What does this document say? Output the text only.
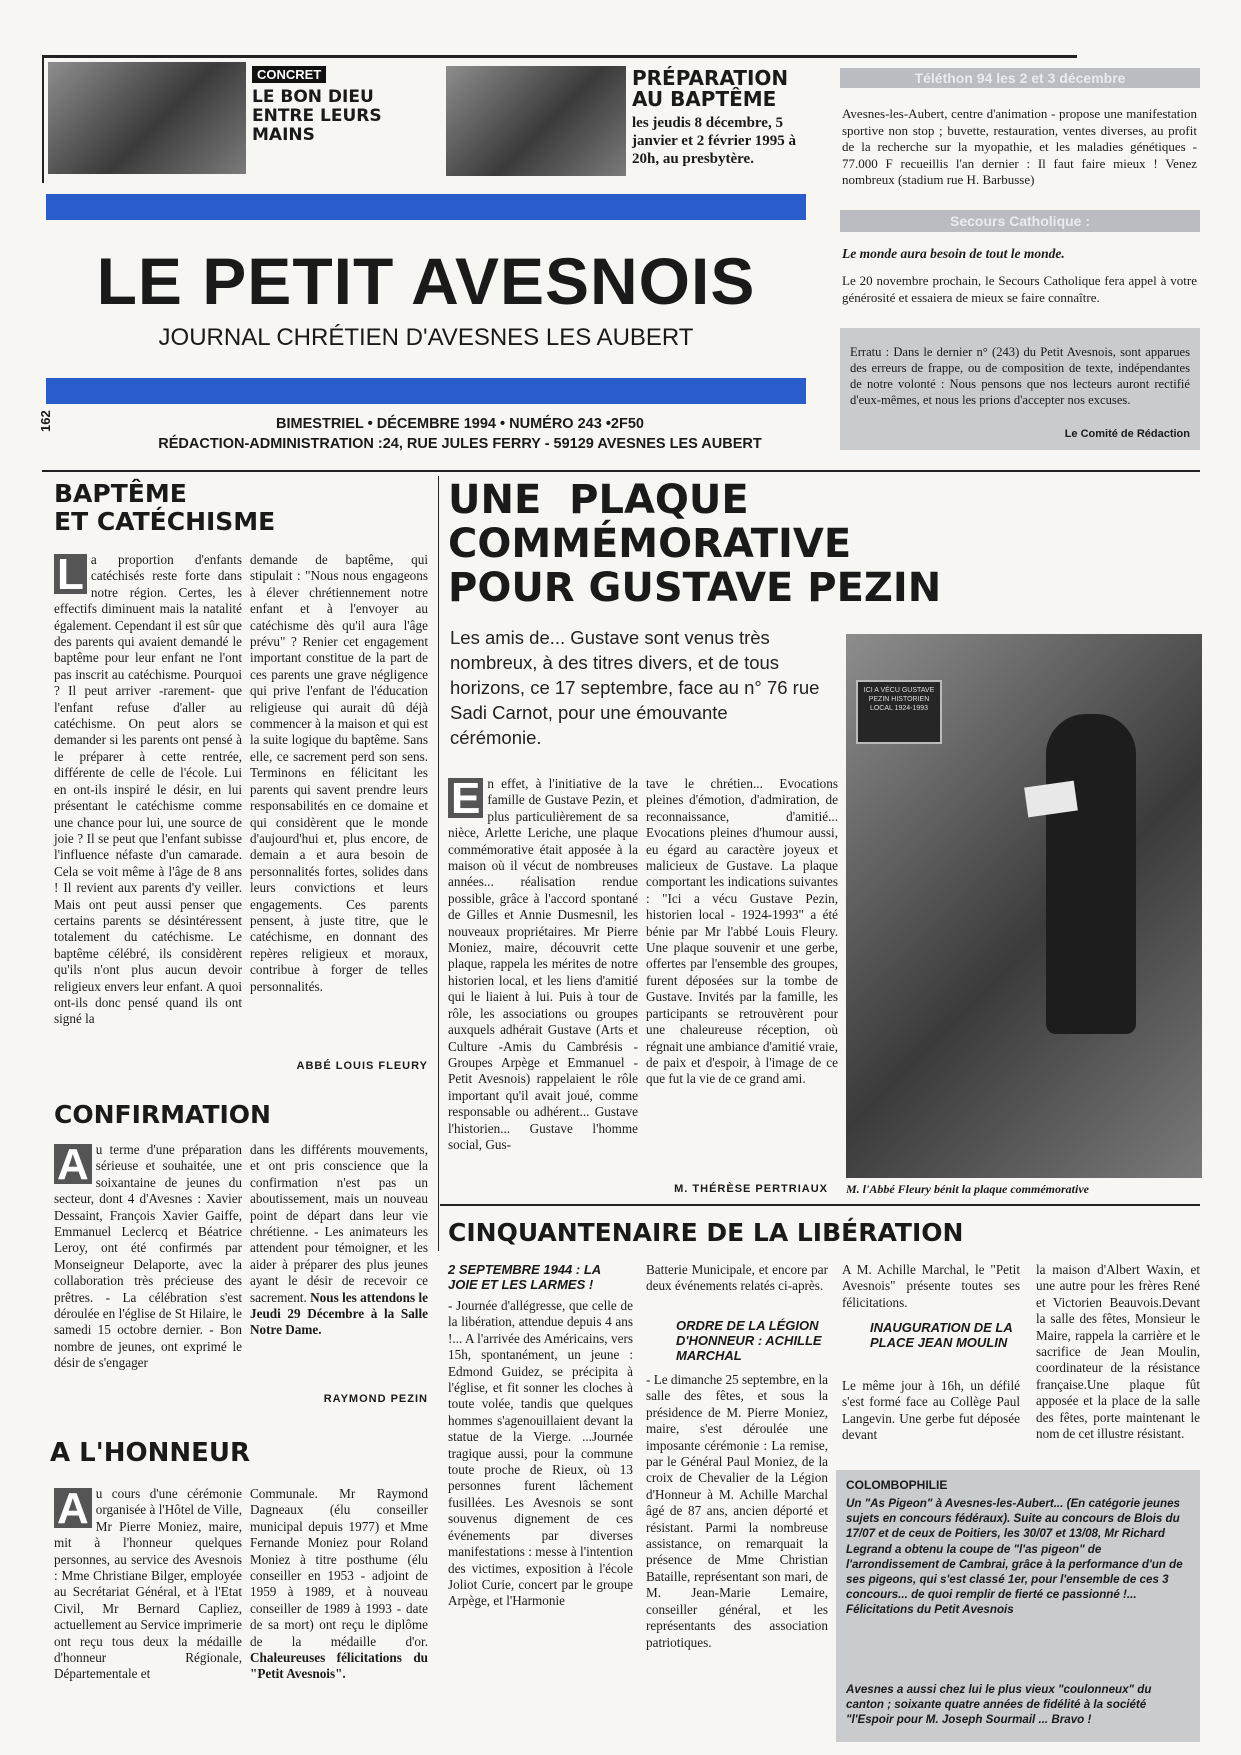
CONCRET
LE BON DIEU ENTRE LEURS MAINS
PRÉPARATION AU BAPTÊME
les jeudis 8 décembre, 5 janvier et 2 février 1995 à 20h, au presbytère.
Téléthon 94 les 2 et 3 décembre
Avesnes-les-Aubert, centre d'animation - propose une manifestation sportive non stop ; buvette, restauration, ventes diverses, au profit de la recherche sur la myopathie, et les maladies génétiques - 77.000 F recueillis l'an dernier : Il faut faire mieux ! Venez nombreux (stadium rue H. Barbusse)
Secours Catholique :
Le monde aura besoin de tout le monde.
Le 20 novembre prochain, le Secours Catholique fera appel à votre générosité et essaiera de mieux se faire connaître.
LE PETIT AVESNOIS
JOURNAL CHRÉTIEN D'AVESNES LES AUBERT
BIMESTRIEL • DÉCEMBRE 1994 • NUMÉRO 243 •2F50
RÉDACTION-ADMINISTRATION :24, RUE JULES FERRY - 59129 AVESNES LES AUBERT
162
Erratu : Dans le dernier n° (243) du Petit Avesnois, sont apparues des erreurs de frappe, ou de composition de texte, indépendantes de notre volonté : Nous pensons que nos lecteurs auront rectifié d'eux-mêmes, et nous les prions d'accepter nos excuses.
Le Comité de Rédaction
BAPTÊME
ET CATÉCHISME
L a proportion d'enfants catéchisés reste forte dans notre région. Certes, les effectifs diminuent mais la natalité également. Cependant il est sûr que des parents qui avaient demandé le baptême pour leur enfant ne l'ont pas inscrit au catéchisme. Pourquoi ? Il peut arriver -rarement- que l'enfant refuse d'aller au catéchisme. On peut alors se demander si les parents ont pensé à le préparer à cette rentrée, différente de celle de l'école. Lui en ont-ils inspiré le désir, en lui présentant le catéchisme comme une chance pour lui, une source de joie ? Il se peut que l'enfant subisse l'influence néfaste d'un camarade. Cela se voit même à l'âge de 8 ans ! Il revient aux parents d'y veiller. Mais ont peut aussi penser que certains parents se désintéressent totalement du catéchisme. Le baptême célébré, ils considèrent qu'ils n'ont plus aucun devoir religieux envers leur enfant. A quoi ont-ils donc pensé quand ils ont signé la
demande de baptême, qui stipulait : "Nous nous engageons à élever chrétiennement notre enfant et à l'envoyer au catéchisme dès qu'il aura l'âge prévu" ? Renier cet engagement important constitue de la part de ces parents une grave négligence qui prive l'enfant de l'éducation religieuse qui aurait dû déjà commencer à la maison et qui est la suite logique du baptême. Sans elle, ce sacrement perd son sens. Terminons en félicitant les parents qui savent prendre leurs responsabilités en ce domaine et qui considèrent que le monde d'aujourd'hui et, plus encore, de demain a et aura besoin de personnalités fortes, solides dans leurs convictions et leurs engagements. Ces parents pensent, à juste titre, que le catéchisme, en donnant des repères religieux et moraux, contribue à forger de telles personnalités.
ABBÉ LOUIS FLEURY
CONFIRMATION
A u terme d'une préparation sérieuse et souhaitée, une soixantaine de jeunes du secteur, dont 4 d'Avesnes : Xavier Dessaint, François Xavier Gaiffe, Emmanuel Leclercq et Béatrice Leroy, ont été confirmés par Monseigneur Delaporte, avec la collaboration très précieuse des prêtres. - La célébration s'est déroulée en l'église de St Hilaire, le samedi 15 octobre dernier. - Bon nombre de jeunes, ont exprimé le désir de s'engager
dans les différents mouvements, et ont pris conscience que la confirmation n'est pas un aboutissement, mais un nouveau point de départ dans leur vie chrétienne. - Les animateurs les attendent pour témoigner, et les aider à préparer des plus jeunes ayant le désir de recevoir ce sacrement. Nous les attendons le Jeudi 29 Décembre à la Salle Notre Dame.
RAYMOND PEZIN
A L'HONNEUR
A u cours d'une cérémonie organisée à l'Hôtel de Ville, Mr Pierre Moniez, maire, mit à l'honneur quelques personnes, au service des Avesnois : Mme Christiane Bilger, employée au Secrétariat Général, et à l'Etat Civil, Mr Bernard Capliez, actuellement au Service imprimerie ont reçu tous deux la médaille d'honneur Régionale, Départementale et
Communale. Mr Raymond Dagneaux (élu conseiller municipal depuis 1977) et Mme Fernande Moniez pour Roland Moniez à titre posthume (élu conseiller en 1953 - adjoint de 1959 à 1989, et à nouveau conseiller de 1989 à 1993 - date de sa mort) ont reçu le diplôme de la médaille d'or. Chaleureuses félicitations du "Petit Avesnois".
UNE  PLAQUE
COMMÉMORATIVE
POUR GUSTAVE PEZIN
Les amis de... Gustave sont venus très nombreux, à des titres divers, et de tous horizons, ce 17 septembre, face au n° 76 rue Sadi Carnot, pour une émouvante cérémonie.
ICI A VÉCU GUSTAVE PEZIN HISTORIEN LOCAL 1924-1993
M. l'Abbé Fleury bénit la plaque commémorative
E n effet, à l'initiative de la famille de Gustave Pezin, et plus particulièrement de sa nièce, Arlette Leriche, une plaque commémorative était apposée à la maison où il vécut de nombreuses années... réalisation rendue possible, grâce à l'accord spontané de Gilles et Annie Dusmesnil, les nouveaux propriétaires. Mr Pierre Moniez, maire, découvrit cette plaque, rappela les mérites de notre historien local, et les liens d'amitié qui le liaient à lui. Puis à tour de rôle, les associations ou groupes auxquels adhérait Gustave (Arts et Culture -Amis du Cambrésis - Groupes Arpège et Emmanuel - Petit Avesnois) rappelaient le rôle important qu'il avait joué, comme responsable ou adhérent... Gustave l'historien... Gustave l'homme social, Gus-
tave le chrétien... Evocations pleines d'émotion, d'admiration, de reconnaissance, d'amitié... Evocations pleines d'humour aussi, eu égard au caractère joyeux et malicieux de Gustave. La plaque comportant les indications suivantes : "Ici a vécu Gustave Pezin, historien local - 1924-1993" a été bénie par Mr l'abbé Louis Fleury. Une plaque souvenir et une gerbe, offertes par l'ensemble des groupes, furent déposées sur la tombe de Gustave. Invités par la famille, les participants se retrouvèrent pour une chaleureuse réception, où régnait une ambiance d'amitié vraie, de paix et d'espoir, à l'image de ce que fut la vie de ce grand ami.
M. THÉRÈSE PERTRIAUX
CINQUANTENAIRE DE LA LIBÉRATION
2 SEPTEMBRE 1944 : LA JOIE ET LES LARMES !
- Journée d'allégresse, que celle de la libération, attendue depuis 4 ans !... A l'arrivée des Américains, vers 15h, spontanément, un jeune : Edmond Guidez, se précipita à l'église, et fit sonner les cloches à toute volée, tandis que quelques hommes s'agenouillaient devant la statue de la Vierge. ...Journée tragique aussi, pour la commune toute proche de Rieux, où 13 personnes furent lâchement fusillées. Les Avesnois se sont souvenus dignement de ces événements par diverses manifestations : messe à l'intention des victimes, exposition à l'école Joliot Curie, concert par le groupe Arpège, et l'Harmonie
Batterie Municipale, et encore par deux événements relatés ci-après.
ORDRE DE LA LÉGION D'HONNEUR : ACHILLE MARCHAL
- Le dimanche 25 septembre, en la salle des fêtes, et sous la présidence de M. Pierre Moniez, maire, s'est déroulée une imposante cérémonie : La remise, par le Général Paul Moniez, de la croix de Chevalier de la Légion d'Honneur à M. Achille Marchal âgé de 87 ans, ancien déporté et résistant. Parmi la nombreuse assistance, on remarquait la présence de Mme Christian Bataille, représentant son mari, de M. Jean-Marie Lemaire, conseiller général, et les représentants des association patriotiques.
A M. Achille Marchal, le "Petit Avesnois" présente toutes ses félicitations.
INAUGURATION DE LA PLACE JEAN MOULIN
Le même jour à 16h, un défilé s'est formé face au Collège Paul Langevin. Une gerbe fut déposée devant
la maison d'Albert Waxin, et une autre pour les frères René et Victorien Beauvois.Devant la salle des fêtes, Monsieur le Maire, rappela la carrière et le sacrifice de Jean Moulin, coordinateur de la résistance française.Une plaque fût apposée et la place de la salle des fêtes, porte maintenant le nom de cet illustre résistant.
COLOMBOPHILIE
Un "As Pigeon" à Avesnes-les-Aubert... (En catégorie jeunes sujets en concours fédéraux). Suite au concours de Blois du 17/07 et de ceux de Poitiers, les 30/07 et 13/08, Mr Richard Legrand a obtenu la coupe de "l'as pigeon" de l'arrondissement de Cambrai, grâce à la performance d'un de ses pigeons, qui s'est classé 1er, pour l'ensemble de ces 3 concours... de quoi remplir de fierté ce passionné !... Félicitations du Petit Avesnois
Avesnes a aussi chez lui le plus vieux "coulonneux" du canton ; soixante quatre années de fidélité à la société "l'Espoir pour M. Joseph Sourmail ... Bravo !
